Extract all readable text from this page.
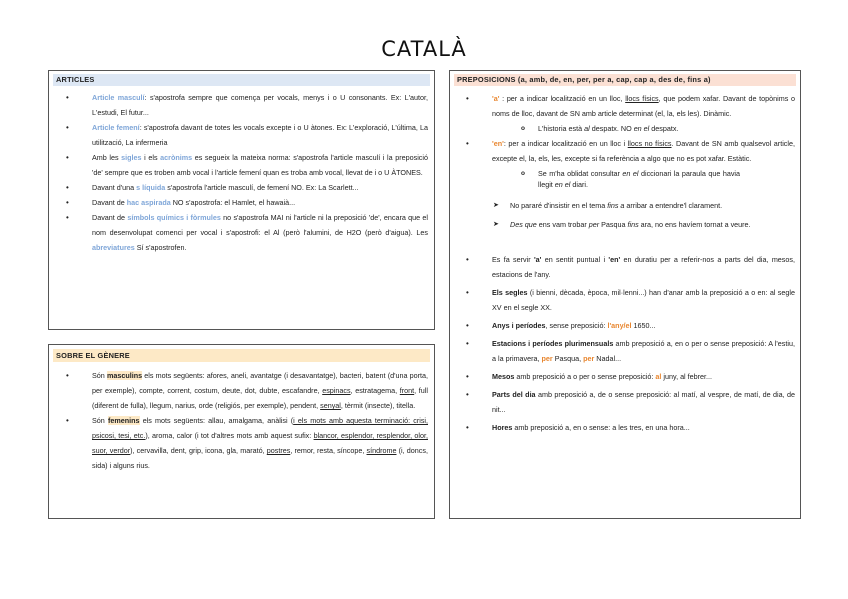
CATALÀ
ARTICLES
• Article masculí: s'apostrofa sempre que comença per vocals, menys i o U consonants. Ex: L'autor, L'estudi, El futur...
• Article femení: s'apostrofa davant de totes les vocals excepte i o U àtones. Ex: L'exploració, L'última, La utilització, La infermeria
• Amb les sigles i els acrònims es segueix la mateixa norma: s'apostrofa l'article masculí i la preposició 'de' sempre que es troben amb vocal i l'article femení quan es troba amb vocal, llevat de i o U ÀTONES.
• Davant d'una s líquida s'apostrofa l'article masculí, de femení NO. Ex: La Scarlett...
• Davant de hac aspirada NO s'apostrofa: el Hamlet, el hawaià...
• Davant de símbols químics i fòrmules no s'apostrofa MAI ni l'article ni la preposició 'de', encara que el nom desenvolupat comenci per vocal i s'apostrofi: el Al (però l'alumini, de H2O (però d'aigua). Les abreviatures Sí s'apostrofen.
SOBRE EL GÈNERE
• Són masculins els mots següents: afores, aneli, avantatge (i desavantatge), bacteri, batent (d'una porta, per exemple), compte, corrent, costum, deute, dot, dubte, escafandre, espinacs, estratagema, front, full (diferent de fulla), llegum, narius, orde (religiós, per exemple), pendent, senyal, tèrmit (insecte), titella.
• Són femenins els mots següents: allau, amalgama, anàlisi (i els mots amb aquesta terminació: crisi, psicosi, tesi, etc.), aroma, calor (i tot d'altres mots amb aquest sufix: blancor, esplendor, resplendor, olor, suor, verdor), cervavilla, dent, grip, icona, gla, marató, postres, remor, resta, síncope, síndrome (i, doncs, sida) i alguns rius.
PREPOSICIONS (a, amb, de, en, per, per a, cap, cap a, des de, fins a)
• 'a' : per a indicar localització en un lloc, llocs físics, que podem xafar. Davant de topònims o noms de lloc, davant de SN amb article determinat (el, la, els les). Dinàmic.
o L'historia està al despatx. NO en el despatx.
• 'en': per a indicar localització en un lloc i llocs no físics. Davant de SN amb qualsevol article, excepte el, la, els, les, excepte si fa referència a algo que no es pot xafar. Estàtic.
o Se m'ha oblidat consultar en el diccionari la paraula que havia llegit en el diari.
➤ No pararé d'insistir en el tema fins a arribar a entendre'l clarament.
➤ Des que ens vam trobar per Pasqua fins ara, no ens havíem tornat a veure.
• Es fa servir 'a' en sentit puntual i 'en' en duratiu per a referir-nos a parts del dia, mesos, estacions de l'any.
• Els segles (i bienni, dècada, època, mil·lenni...) han d'anar amb la preposició a o en: al segle XV en el segle XX.
• Anys i períodes, sense preposició: l'any/el 1650...
• Estacions i períodes plurimensuals amb preposició a, en o per o sense preposició: A l'estiu, a la primavera, per Pasqua, per Nadal...
• Mesos amb preposició a o per o sense preposició: al juny, al febrer...
• Parts del dia amb preposició a, de o sense preposició: al matí, al vespre, de matí, de dia, de nit...
• Hores amb preposició a, en o sense: a les tres, en una hora...
